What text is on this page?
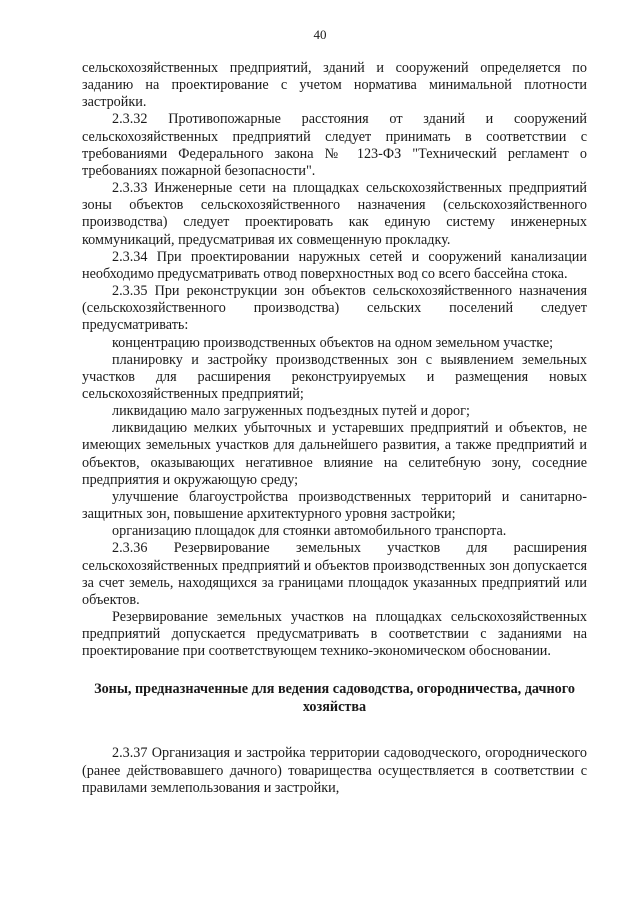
40

сельскохозяйственных предприятий, зданий и сооружений определяется по заданию на проектирование с учетом норматива минимальной плотности застройки.

2.3.32 Противопожарные расстояния от зданий и сооружений сельскохозяйственных предприятий следует принимать в соответствии с требованиями Федерального закона № 123-ФЗ "Технический регламент о требованиях пожарной безопасности".

2.3.33 Инженерные сети на площадках сельскохозяйственных предприятий зоны объектов сельскохозяйственного назначения (сельскохозяйственного производства) следует проектировать как единую систему инженерных коммуникаций, предусматривая их совмещенную прокладку.

2.3.34 При проектировании наружных сетей и сооружений канализации необходимо предусматривать отвод поверхностных вод со всего бассейна стока.

2.3.35 При реконструкции зон объектов сельскохозяйственного назначения (сельскохозяйственного производства) сельских поселений следует предусматривать:

концентрацию производственных объектов на одном земельном участке;

планировку и застройку производственных зон с выявлением земельных участков для расширения реконструируемых и размещения новых сельскохозяйственных предприятий;

ликвидацию мало загруженных подъездных путей и дорог;

ликвидацию мелких убыточных и устаревших предприятий и объектов, не имеющих земельных участков для дальнейшего развития, а также предприятий и объектов, оказывающих негативное влияние на селитебную зону, соседние предприятия и окружающую среду;

улучшение благоустройства производственных территорий и санитарно-защитных зон, повышение архитектурного уровня застройки;

организацию площадок для стоянки автомобильного транспорта.

2.3.36 Резервирование земельных участков для расширения сельскохозяйственных предприятий и объектов производственных зон допускается за счет земель, находящихся за границами площадок указанных предприятий или объектов.

Резервирование земельных участков на площадках сельскохозяйственных предприятий допускается предусматривать в соответствии с заданиями на проектирование при соответствующем технико-экономическом обосновании.

Зоны, предназначенные для ведения садоводства, огородничества, дачного хозяйства

2.3.37 Организация и застройка территории садоводческого, огороднического (ранее действовавшего дачного) товарищества осуществляется в соответствии с правилами землепользования и застройки,
